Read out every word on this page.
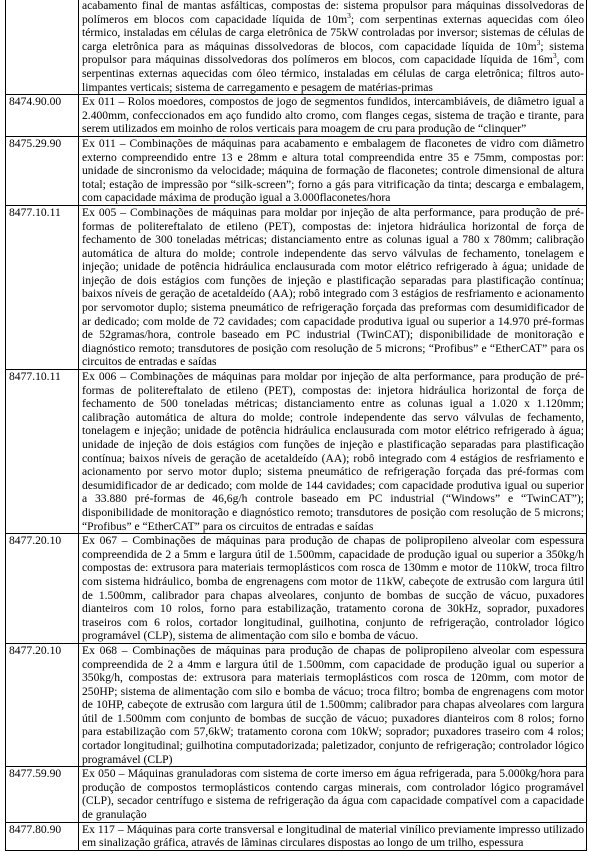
	acabamento final de mantas asfálticas, compostas de: sistema propulsor para máquinas dissolvedoras de polímeros em blocos com capacidade líquida de $10m^3$; com serpentinas externas aquecidas com óleo térmico, instaladas em células de carga eletrônica de 75kW controladas por inversor; sistemas de células de carga eletrônica para as máquinas dissolvedoras de blocos, com capacidade líquida de $10m^3$; sistema propulsor para máquinas dissolvedoras dos polímeros em blocos, com capacidade líquida de $16m^3$, com serpentinas externas aquecidas com óleo térmico, instaladas em células de carga eletrônica; filtros auto-limpantes verticais; sistema de carregamento e pesagem de matérias-primas
8474.90.00	Ex 011 – Rolos moedores, compostos de jogo de segmentos fundidos, intercambiáveis, de diâmetro igual a 2.400mm, confeccionados em aço fundido alto cromo, com flanges cegas, sistema de tração e tirante, para serem utilizados em moinho de rolos verticais para moagem de cru para produção de “clinquer”
8475.29.90	Ex 011 – Combinações de máquinas para acabamento e embalagem de flaconetes de vidro com diâmetro externo compreendido entre 13 e 28mm e altura total compreendida entre 35 e 75mm, compostas por: unidade de sincronismo da velocidade; máquina de formação de flaconetes; controle dimensional de altura total; estação de impressão por “silk-screen”; forno a gás para vitrificação da tinta; descarga e embalagem, com capacidade máxima de produção igual a 3.000flaconetes/hora
8477.10.11	Ex 005 – Combinações de máquinas para moldar por injeção de alta performance, para produção de pré-formas de politereftalato de etileno (PET), compostas de: injetora hidráulica horizontal de força de fechamento de 300 toneladas métricas; distanciamento entre as colunas igual a 780 x 780mm; calibração automática de altura do molde; controle independente das servo válvulas de fechamento, tonelagem e injeção; unidade de potência hidráulica enclausurada com motor elétrico refrigerado à água; unidade de injeção de dois estágios com funções de injeção e plastificação separadas para plastificação contínua; baixos níveis de geração de acetaldeído (AA); robô integrado com 3 estágios de resfriamento e acionamento por servomotor duplo; sistema pneumático de refrigeração forçada das preformas com desumidificador de ar dedicado; com molde de 72 cavidades; com capacidade produtiva igual ou superior a 14.970 pré-formas de 52gramas/hora, controle baseado em PC industrial (TwinCAT); disponibilidade de monitoração e diagnóstico remoto; transdutores de posição com resolução de 5 microns; “Profibus” e “EtherCAT” para os circuitos de entradas e saídas
8477.10.11	Ex 006 – Combinações de máquinas para moldar por injeção de alta performance, para produção de pré-formas de politereftalato de etileno (PET), compostas de: injetora hidráulica horizontal de força de fechamento de 500 toneladas métricas; distanciamento entre as colunas igual a 1.020 x 1.120mm; calibração automática de altura do molde; controle independente das servo válvulas de fechamento, tonelagem e injeção; unidade de potência hidráulica enclausurada com motor elétrico refrigerado à água; unidade de injeção de dois estágios com funções de injeção e plastificação separadas para plastificação contínua; baixos níveis de geração de acetaldeído (AA); robô integrado com 4 estágios de resfriamento e acionamento por servo motor duplo; sistema pneumático de refrigeração forçada das pré-formas com desumidificador de ar dedicado; com molde de 144 cavidades; com capacidade produtiva igual ou superior a 33.880 pré-formas de 46,6g/h controle baseado em PC industrial (“Windows” e “TwinCAT”); disponibilidade de monitoração e diagnóstico remoto; transdutores de posição com resolução de 5 microns; “Profibus” e “EtherCAT” para os circuitos de entradas e saídas
8477.20.10	Ex 067 – Combinações de máquinas para produção de chapas de polipropileno alveolar com espessura compreendida de 2 a 5mm e largura útil de 1.500mm, capacidade de produção igual ou superior a 350kg/h compostas de: extrusora para materiais termoplásticos com rosca de 130mm e motor de 110kW, troca filtro com sistema hidráulico, bomba de engrenagens com motor de 11kW, cabeçote de extrusão com largura útil de 1.500mm, calibrador para chapas alveolares, conjunto de bombas de sucção de vácuo, puxadores dianteiros com 10 rolos, forno para estabilização, tratamento corona de 30kHz, soprador, puxadores traseiros com 6 rolos, cortador longitudinal, guilhotina, conjunto de refrigeração, controlador lógico programável (CLP), sistema de alimentação com silo e bomba de vácuo.
8477.20.10	Ex 068 – Combinações de máquinas para produção de chapas de polipropileno alveolar com espessura compreendida de 2 a 4mm e largura útil de 1.500mm, com capacidade de produção igual ou superior a 350kg/h, compostas de: extrusora para materiais termoplásticos com rosca de 120mm, com motor de 250HP; sistema de alimentação com silo e bomba de vácuo; troca filtro; bomba de engrenagens com motor de 10HP, cabeçote de extrusão com largura útil de 1.500mm; calibrador para chapas alveolares com largura útil de 1.500mm com conjunto de bombas de sucção de vácuo; puxadores dianteiros com 8 rolos; forno para estabilização com 57,6kW; tratamento corona com 10kW; soprador; puxadores traseiro com 4 rolos; cortador longitudinal; guilhotina computadorizada; paletizador, conjunto de refrigeração; controlador lógico programável (CLP)
8477.59.90	Ex 050 – Máquinas granuladoras com sistema de corte imerso em água refrigerada, para 5.000kg/hora para produção de compostos termoplásticos contendo cargas minerais, com controlador lógico programável (CLP), secador centrífugo e sistema de refrigeração da água com capacidade compatível com a capacidade de granulação
8477.80.90	Ex 117 – Máquinas para corte transversal e longitudinal de material vinílico previamente impresso utilizado em sinalização gráfica, através de lâminas circulares dispostas ao longo de um trilho, espessura
